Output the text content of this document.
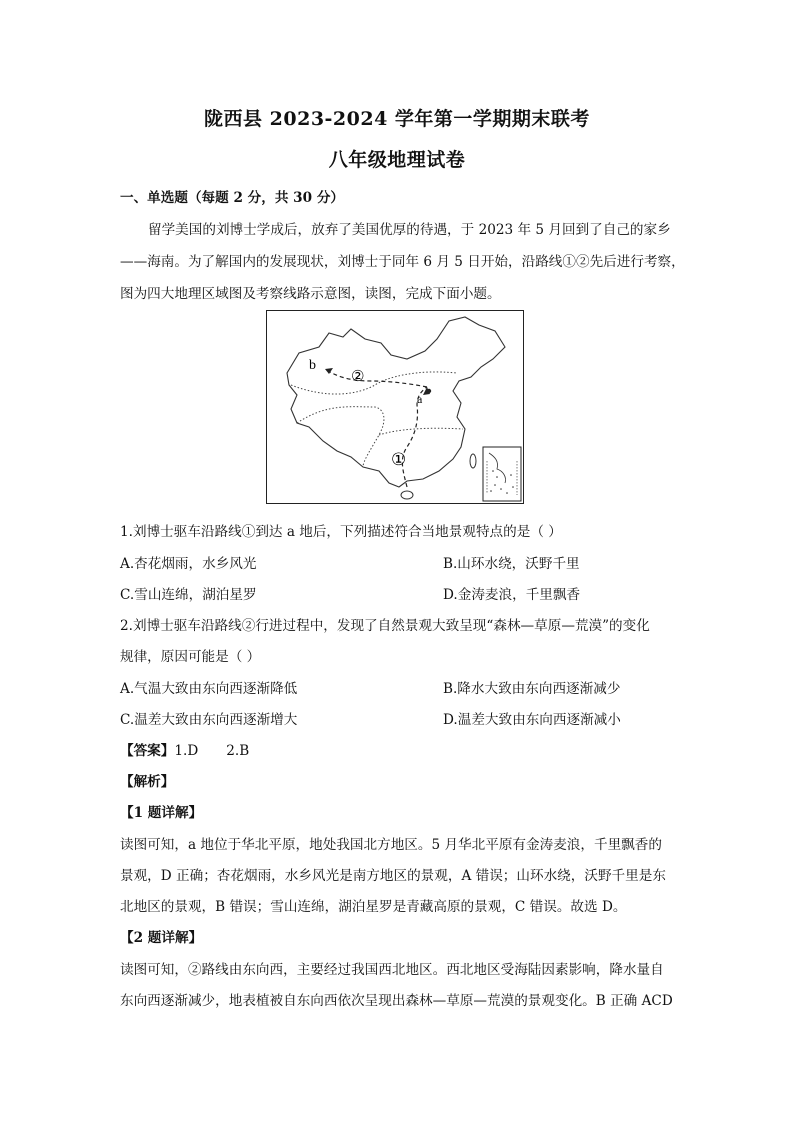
陇西县 2023-2024 学年第一学期期末联考
八年级地理试卷
一、单选题（每题 2 分，共 30 分）
留学美国的刘博士学成后，放弃了美国优厚的待遇，于 2023 年 5 月回到了自己的家乡
——海南。为了解国内的发展现状，刘博士于同年 6 月 5 日开始，沿路线①②先后进行考察，
图为四大地理区域图及考察线路示意图，读图，完成下面小题。
b
a
②
①
1.刘博士驱车沿路线①到达 a 地后，下列描述符合当地景观特点的是（ ）
A.杏花烟雨，水乡风光	B.山环水绕，沃野千里
C.雪山连绵，湖泊星罗	D.金涛麦浪，千里飘香
2.刘博士驱车沿路线②行进过程中，发现了自然景观大致呈现“森林—草原—荒漠”的变化
规律，原因可能是（ ）
A.气温大致由东向西逐渐降低	B.降水大致由东向西逐渐减少
C.温差大致由东向西逐渐增大	D.温差大致由东向西逐渐减小
【答案】1.D 2.B
【解析】
【1 题详解】
读图可知，a 地位于华北平原，地处我国北方地区。5 月华北平原有金涛麦浪，千里飘香的
景观，D 正确；杏花烟雨，水乡风光是南方地区的景观，A 错误；山环水绕，沃野千里是东
北地区的景观，B 错误；雪山连绵，湖泊星罗是青藏高原的景观，C 错误。故选 D。
【2 题详解】
读图可知，②路线由东向西，主要经过我国西北地区。西北地区受海陆因素影响，降水量自
东向西逐渐减少，地表植被自东向西依次呈现出森林—草原—荒漠的景观变化。B 正确 ACD
